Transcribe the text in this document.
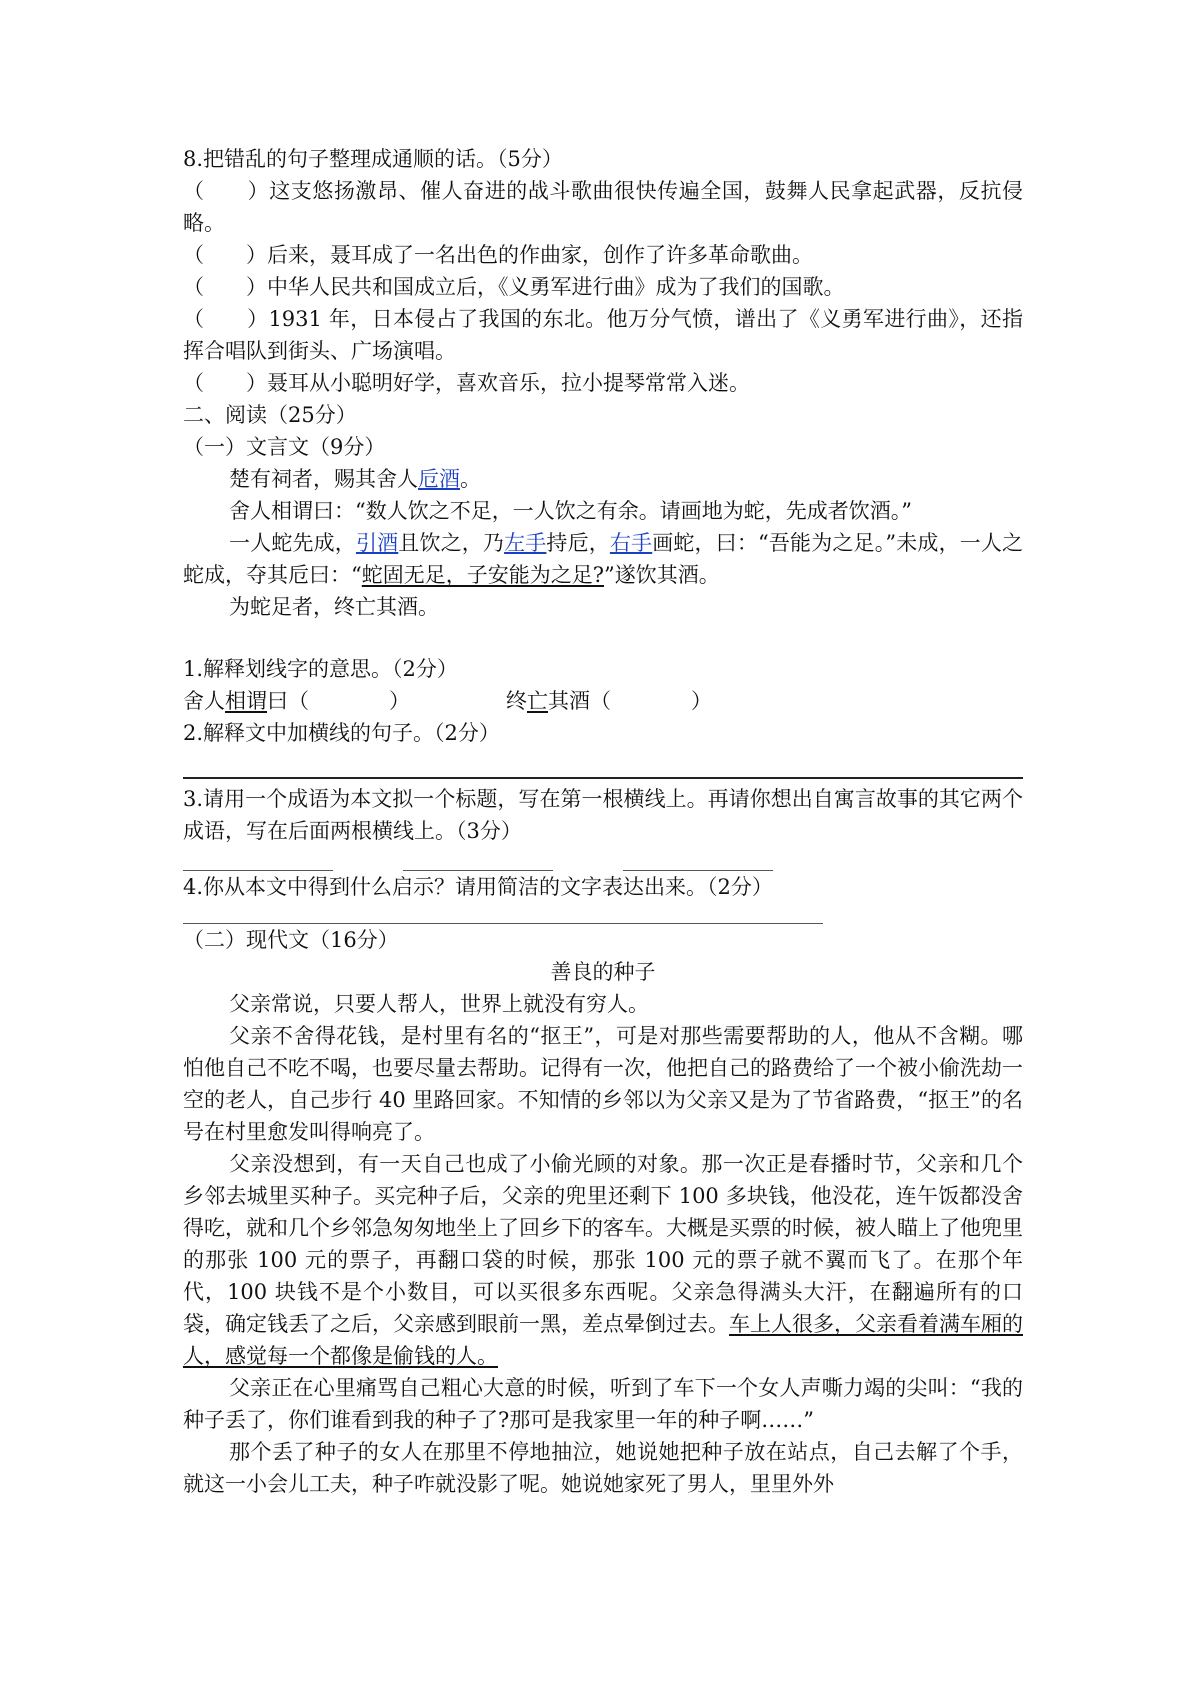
8.把错乱的句子整理成通顺的话。（5分）
（　　）这支悠扬激昂、催人奋进的战斗歌曲很快传遍全国，鼓舞人民拿起武器，反抗侵略。
（　　）后来，聂耳成了一名出色的作曲家，创作了许多革命歌曲。
（　　）中华人民共和国成立后，《义勇军进行曲》成为了我们的国歌。
（　　）1931 年，日本侵占了我国的东北。他万分气愤，谱出了《义勇军进行曲》，还指挥合唱队到街头、广场演唱。
（　　）聂耳从小聪明好学，喜欢音乐，拉小提琴常常入迷。
二、阅读（25分）
（一）文言文（9分）
楚有祠者，赐其舍人卮酒。
舍人相谓曰：“数人饮之不足，一人饮之有余。请画地为蛇，先成者饮酒。”
一人蛇先成，引酒且饮之，乃左手持卮，右手画蛇，曰：“吾能为之足。”未成，一人之蛇成，夺其卮曰：“蛇固无足，子安能为之足?”遂饮其酒。
为蛇足者，终亡其酒。
1.解释划线字的意思。（2分）
舍人相谓曰（	）	终亡其酒（	）
2.解释文中加横线的句子。（2分）
3.请用一个成语为本文拟一个标题，写在第一根横线上。再请你想出自寓言故事的其它两个成语，写在后面两根横线上。（3分）
4.你从本文中得到什么启示？请用简洁的文字表达出来。（2分）
（二）现代文（16分）
善良的种子
父亲常说，只要人帮人，世界上就没有穷人。
父亲不舍得花钱，是村里有名的“抠王”，可是对那些需要帮助的人，他从不含糊。哪怕他自己不吃不喝，也要尽量去帮助。记得有一次，他把自己的路费给了一个被小偷洗劫一空的老人，自己步行 40 里路回家。不知情的乡邻以为父亲又是为了节省路费，“抠王”的名号在村里愈发叫得响亮了。
父亲没想到，有一天自己也成了小偷光顾的对象。那一次正是春播时节，父亲和几个乡邻去城里买种子。买完种子后，父亲的兜里还剩下 100 多块钱，他没花，连午饭都没舍得吃，就和几个乡邻急匆匆地坐上了回乡下的客车。大概是买票的时候，被人瞄上了他兜里的那张 100 元的票子，再翻口袋的时候，那张 100 元的票子就不翼而飞了。在那个年代，100 块钱不是个小数目，可以买很多东西呢。父亲急得满头大汗，在翻遍所有的口袋，确定钱丢了之后，父亲感到眼前一黑，差点晕倒过去。车上人很多，父亲看着满车厢的人，感觉每一个都像是偷钱的人。
父亲正在心里痛骂自己粗心大意的时候，听到了车下一个女人声嘶力竭的尖叫：“我的种子丢了，你们谁看到我的种子了?那可是我家里一年的种子啊……”
那个丢了种子的女人在那里不停地抽泣，她说她把种子放在站点，自己去解了个手，就这一小会儿工夫，种子咋就没影了呢。她说她家死了男人，里里外外
